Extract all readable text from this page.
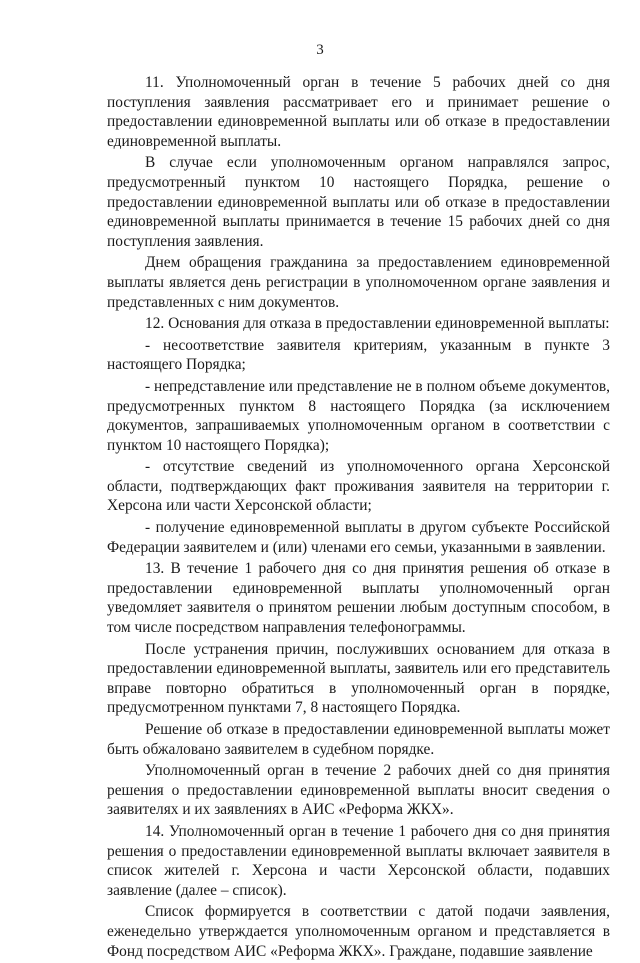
3

11. Уполномоченный орган в течение 5 рабочих дней со дня поступления заявления рассматривает его и принимает решение о предоставлении единовременной выплаты или об отказе в предоставлении единовременной выплаты.

В случае если уполномоченным органом направлялся запрос, предусмотренный пунктом 10 настоящего Порядка, решение о предоставлении единовременной выплаты или об отказе в предоставлении единовременной выплаты принимается в течение 15 рабочих дней со дня поступления заявления.

Днем обращения гражданина за предоставлением единовременной выплаты является день регистрации в уполномоченном органе заявления и представленных с ним документов.

12. Основания для отказа в предоставлении единовременной выплаты:

- несоответствие заявителя критериям, указанным в пункте 3 настоящего Порядка;

- непредставление или представление не в полном объеме документов, предусмотренных пунктом 8 настоящего Порядка (за исключением документов, запрашиваемых уполномоченным органом в соответствии с пунктом 10 настоящего Порядка);

- отсутствие сведений из уполномоченного органа Херсонской области, подтверждающих факт проживания заявителя на территории г. Херсона или части Херсонской области;

- получение единовременной выплаты в другом субъекте Российской Федерации заявителем и (или) членами его семьи, указанными в заявлении.

13. В течение 1 рабочего дня со дня принятия решения об отказе в предоставлении единовременной выплаты уполномоченный орган уведомляет заявителя о принятом решении любым доступным способом, в том числе посредством направления телефонограммы.

После устранения причин, послуживших основанием для отказа в предоставлении единовременной выплаты, заявитель или его представитель вправе повторно обратиться в уполномоченный орган в порядке, предусмотренном пунктами 7, 8 настоящего Порядка.

Решение об отказе в предоставлении единовременной выплаты может быть обжаловано заявителем в судебном порядке.

Уполномоченный орган в течение 2 рабочих дней со дня принятия решения о предоставлении единовременной выплаты вносит сведения о заявителях и их заявлениях в АИС «Реформа ЖКХ».

14. Уполномоченный орган в течение 1 рабочего дня со дня принятия решения о предоставлении единовременной выплаты включает заявителя в список жителей г. Херсона и части Херсонской области, подавших заявление (далее – список).

Список формируется в соответствии с датой подачи заявления, еженедельно утверждается уполномоченным органом и представляется в Фонд посредством АИС «Реформа ЖКХ». Граждане, подавшие заявление
